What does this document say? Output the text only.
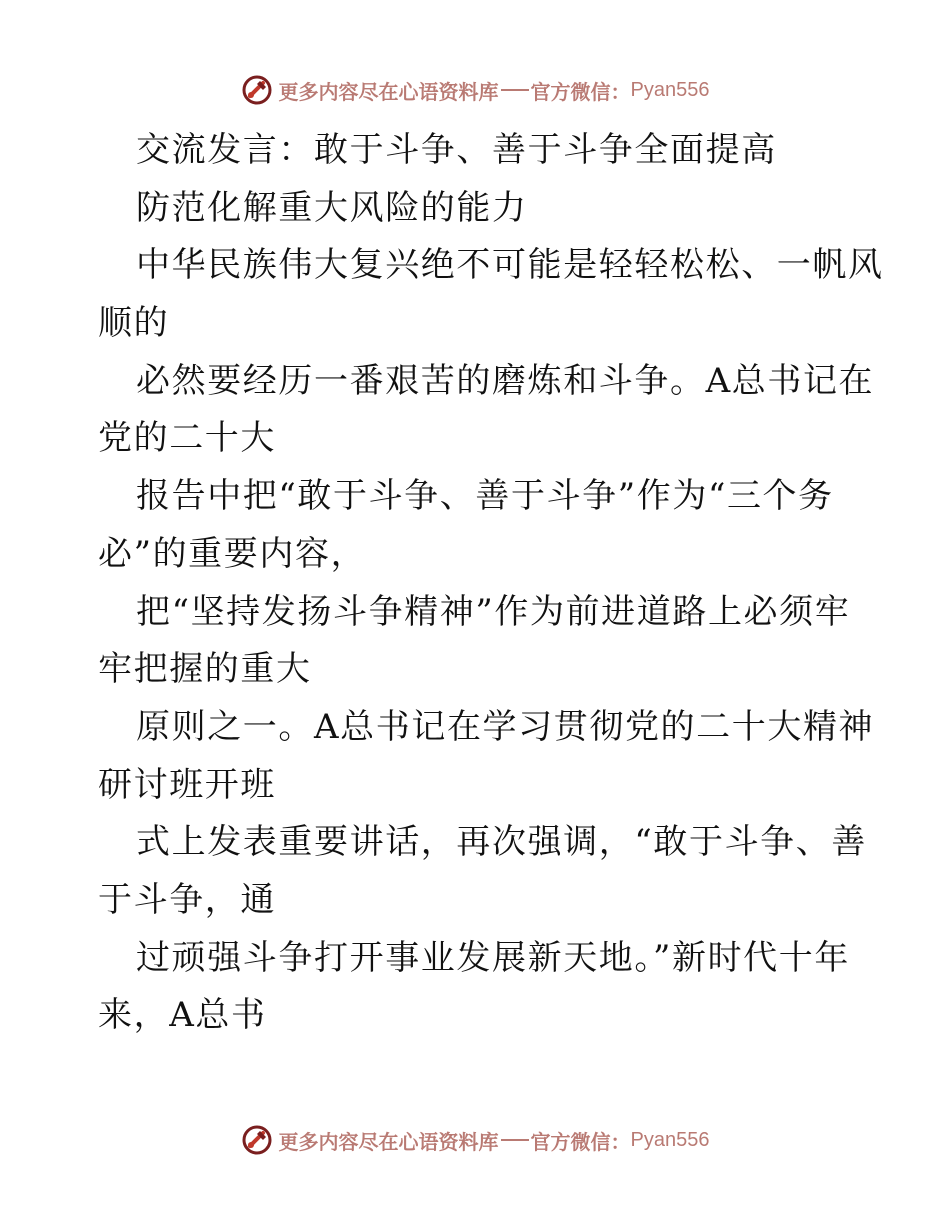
更多内容尽在心语资料库 官方微信： Pyan556
交流发言：敢于斗争、善于斗争全面提高
防范化解重大风险的能力
中华民族伟大复兴绝不可能是轻轻松松、一帆风
顺的
必然要经历一番艰苦的磨炼和斗争。A总书记在
党的二十大
报告中把“敢于斗争、善于斗争”作为“三个务
必”的重要内容，
把“坚持发扬斗争精神”作为前进道路上必须牢
牢把握的重大
原则之一。A总书记在学习贯彻党的二十大精神
研讨班开班
式上发表重要讲话，再次强调，“敢于斗争、善
于斗争，通
过顽强斗争打开事业发展新天地。”新时代十年
来，A总书
更多内容尽在心语资料库 官方微信： Pyan556
